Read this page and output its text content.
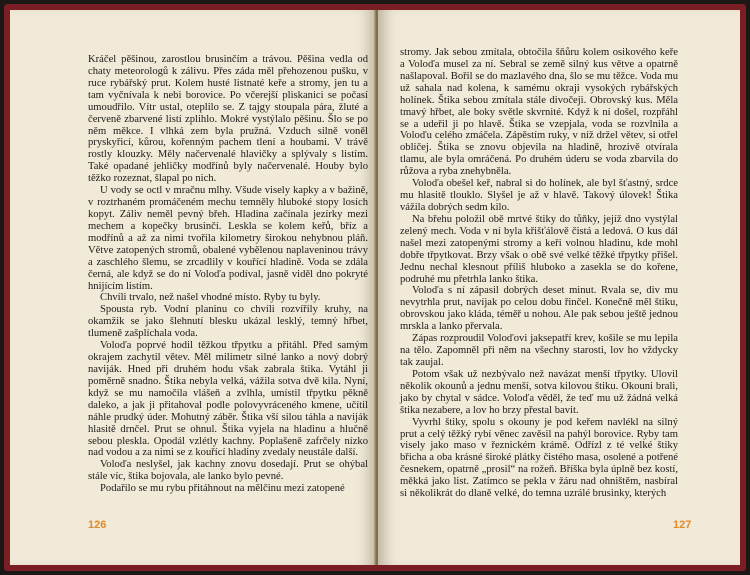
Kráčel pěšinou, zarostlou brusinčím a trávou. Pěšina vedla od chaty meteorologů k zálivu. Přes záda měl přehozenou pušku, v ruce rybářský prut. Kolem husté listnaté keře a stromy, jen tu a tam vyčnívala k nebi borovice. Po včerejší pliskanici se počasí umoudřilo. Vítr ustal, oteplilo se. Z tajgy stoupala pára, žluté a červeně zbarvené listí zplihlo. Mokré vystýlalo pěšinu. Šlo se po něm měkce. I vlhká zem byla pružná. Vzduch silně voněl pryskyřicí, kůrou, kořenným pachem tlení a houbami. V trávě rostly klouzky. Měly načervenalé hlavičky a splývaly s listím. Také opadané jehličky modřínů byly načervenalé. Houby bylo těžko rozeznat, šlapal po nich.

U vody se octl v mračnu mlhy. Všude visely kapky a v bažině, v roztrhaném promáčeném mechu temněly hluboké stopy losích kopyt. Záliv neměl pevný břeh. Hladina začínala jezírky mezi mechem a kopečky brusinčí. Leskla se kolem keřů, bříz a modřínů a až za nimi tvořila kilometry širokou nehybnou pláň. Větve zatopených stromů, obalené vybělenou naplaveninou trávy a zaschlého šlemu, se zrcadlily v kouřící hladině. Voda se zdála černá, ale když se do ní Voloďa podíval, jasně viděl dno pokryté hnijícím listím.

Chvíli trvalo, než našel vhodné místo. Ryby tu byly.

Spousta ryb. Vodní planinu co chvíli rozvířily kruhy, na okamžik se jako šlehnutí blesku ukázal lesklý, temný hřbet, tlumeně zašplíchala voda.

Voloďa poprvé hodil těžkou třpytku a přitáhl. Před samým okrajem zachytil větev. Měl milimetr silné lanko a nový dobrý naviják. Hned při druhém hodu však zabrala štika. Vytáhl ji poměrně snadno. Štika nebyla velká, vážila sotva dvě kila. Nyní, když se mu namočila vlášeň a zvlhla, umístil třpytku pěkně daleko, a jak ji přitahoval podle polovyvráceného kmene, učítil náhle prudký úder. Mohutný záběr. Štika vší silou táhla a naviják hlasitě drnčel. Prut se ohnul. Štika vyjela na hladinu a hlučně sebou pleskla. Opodál vzlétly kachny. Poplašeně zafrčely nízko nad vodou a za nimi se z kouřící hladiny zvedaly neustále další.

Voloďa neslyšel, jak kachny znovu dosedají. Prut se ohýbal stále víc, štika bojovala, ale lanko bylo pevné.

Podařilo se mu rybu přitáhnout na mělčinu mezi zatopené

126

stromy. Jak sebou zmítala, obtočila šňůru kolem osikového keře a Voloďa musel za ní. Sebral se země silný kus větve a opatrně našlapoval. Bořil se do mazlavého dna, šlo se mu těžce. Voda mu už sahala nad kolena, k samému okraji vysokých rybářských holínek. Štika sebou zmítala stále divočeji. Obrovský kus. Měla tmavý hřbet, ale boky světle skvrnité. Když k ní došel, rozpřáhl se a udeřil ji po hlavě. Štika se vzepjala, voda se rozvlnila a Voloďu celého zmáčela. Zápěstím ruky, v níž držel větev, si otřel obličej. Štika se znovu objevila na hladině, hrozivě otvírala tlamu, ale byla omráčená. Po druhém úderu se voda zbarvila do růžova a ryba znehybněla.

Voloďa obešel keř, nabral si do holínek, ale byl šťastný, srdce mu hlasitě tlouklo. Slyšel je až v hlavě. Takový úlovek! Štika vážila dobrých sedm kilo.

Na břehu položil obě mrtvé štiky do tůňky, jejíž dno vystýlal zelený mech. Voda v ní byla křišťálově čistá a ledová. O kus dál našel mezi zatopenými stromy a keři volnou hladinu, kde mohl dobře třpytkovat. Brzy však o obě své velké těžké třpytky přišel. Jednu nechal klesnout příliš hluboko a zasekla se do kořene, podruhé mu přetrhla lanko štika.

Voloďa s ní zápasil dobrých deset minut. Rvala se, div mu nevytrhla prut, navíjak po celou dobu řinčel. Konečně měl štiku, obrovskou jako kláda, téměř u nohou. Ale pak sebou ještě jednou mrskla a lanko přervala.

Zápas rozproudil Voloďovi jaksepatří krev, košile se mu lepila na tělo. Zapomněl při něm na všechny starosti, lov ho vždycky tak zaujal.

Potom však už nezbývalo než navázat menší třpytky. Ulovil několik okounů a jednu menší, sotva kilovou štiku. Okouni brali, jako by chytal v sádce. Voloďa věděl, že teď mu už žádná velká štika nezabere, a lov ho brzy přestal bavit.

Vyvrhl štiky, spolu s okouny je pod keřem navlékl na silný prut a celý těžký rybí věnec zavěsil na pahýl borovice. Ryby tam visely jako maso v řeznickém krámě. Odřízl z té velké štiky břicha a oba krásné široké plátky čistého masa, osolené a potřené česnekem, opatrně „prosil“ na rožeň. Bříška byla úplně bez kostí, měkká jako list. Zatímco se pekla v žáru nad ohništěm, nasbíral si několikrát do dlaně velké, do temna uzrálé brusinky, kterých

127
